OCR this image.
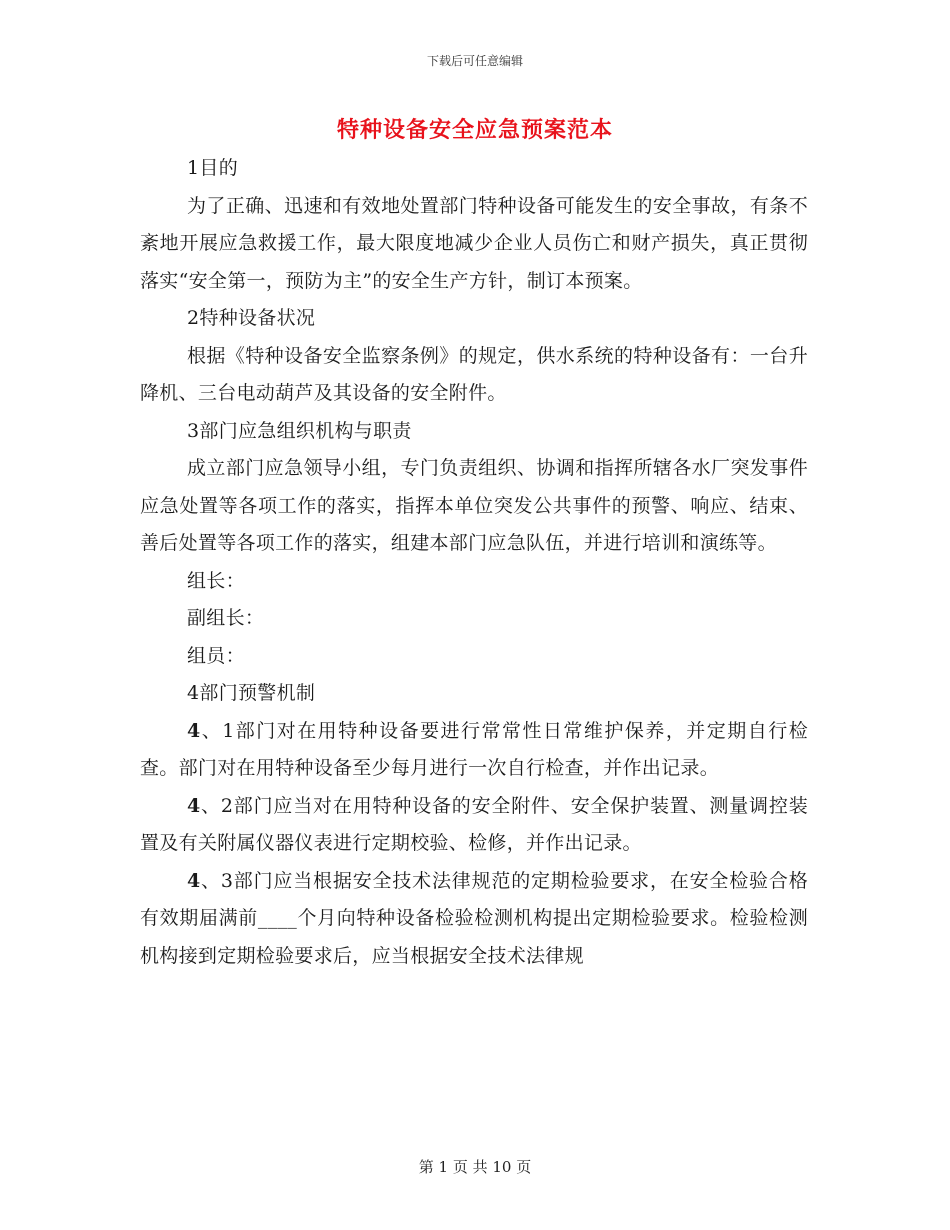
下载后可任意编辑
特种设备安全应急预案范本

1目的

为了正确、迅速和有效地处置部门特种设备可能发生的安全事故，有条不紊地开展应急救援工作，最大限度地减少企业人员伤亡和财产损失，真正贯彻落实“安全第一，预防为主”的安全生产方针，制订本预案。

2特种设备状况

根据《特种设备安全监察条例》的规定，供水系统的特种设备有：一台升降机、三台电动葫芦及其设备的安全附件。

3部门应急组织机构与职责

成立部门应急领导小组，专门负责组织、协调和指挥所辖各水厂突发事件应急处置等各项工作的落实，指挥本单位突发公共事件的预警、响应、结束、善后处置等各项工作的落实，组建本部门应急队伍，并进行培训和演练等。

组长：

副组长：

组员：

4部门预警机制

4、1部门对在用特种设备要进行常常性日常维护保养，并定期自行检查。部门对在用特种设备至少每月进行一次自行检查，并作出记录。

4、2部门应当对在用特种设备的安全附件、安全保护装置、测量调控装置及有关附属仪器仪表进行定期校验、检修，并作出记录。

4、3部门应当根据安全技术法律规范的定期检验要求，在安全检验合格有效期届满前____个月向特种设备检验检测机构提出定期检验要求。检验检测机构接到定期检验要求后，应当根据安全技术法律规

第 1 页 共 10 页
